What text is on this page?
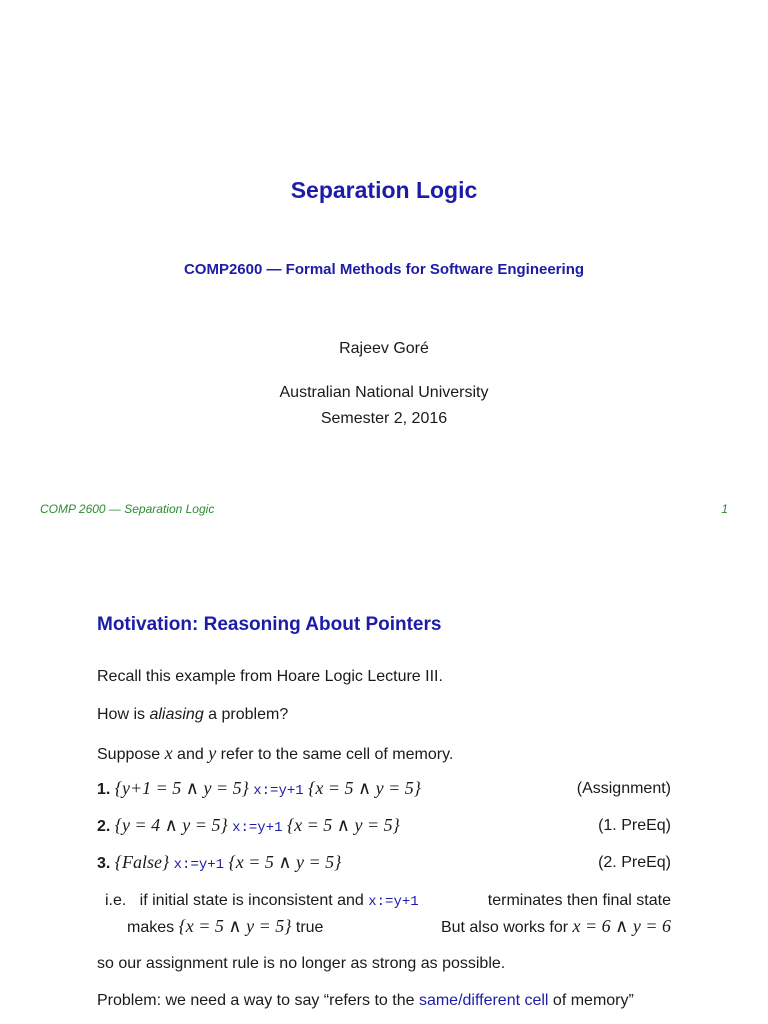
Separation Logic
COMP2600 — Formal Methods for Software Engineering
Rajeev Goré
Australian National University
Semester 2, 2016
COMP 2600 — Separation Logic	1
Motivation: Reasoning About Pointers
Recall this example from Hoare Logic Lecture III.
How is aliasing a problem?
Suppose x and y refer to the same cell of memory.
1. {y+1 = 5 ∧ y = 5} x:=y+1 {x = 5 ∧ y = 5}	(Assignment)
2. {y = 4 ∧ y = 5} x:=y+1 {x = 5 ∧ y = 5}	(1. PreEq)
3. {False} x:=y+1 {x = 5 ∧ y = 5}	(2. PreEq)
i.e.   if initial state is inconsistent and x:=y+1	terminates then final state
makes {x = 5 ∧ y = 5} true	But also works for x = 6 ∧ y = 6
so our assignment rule is no longer as strong as possible.
Problem: we need a way to say “refers to the same/different cell of memory”
